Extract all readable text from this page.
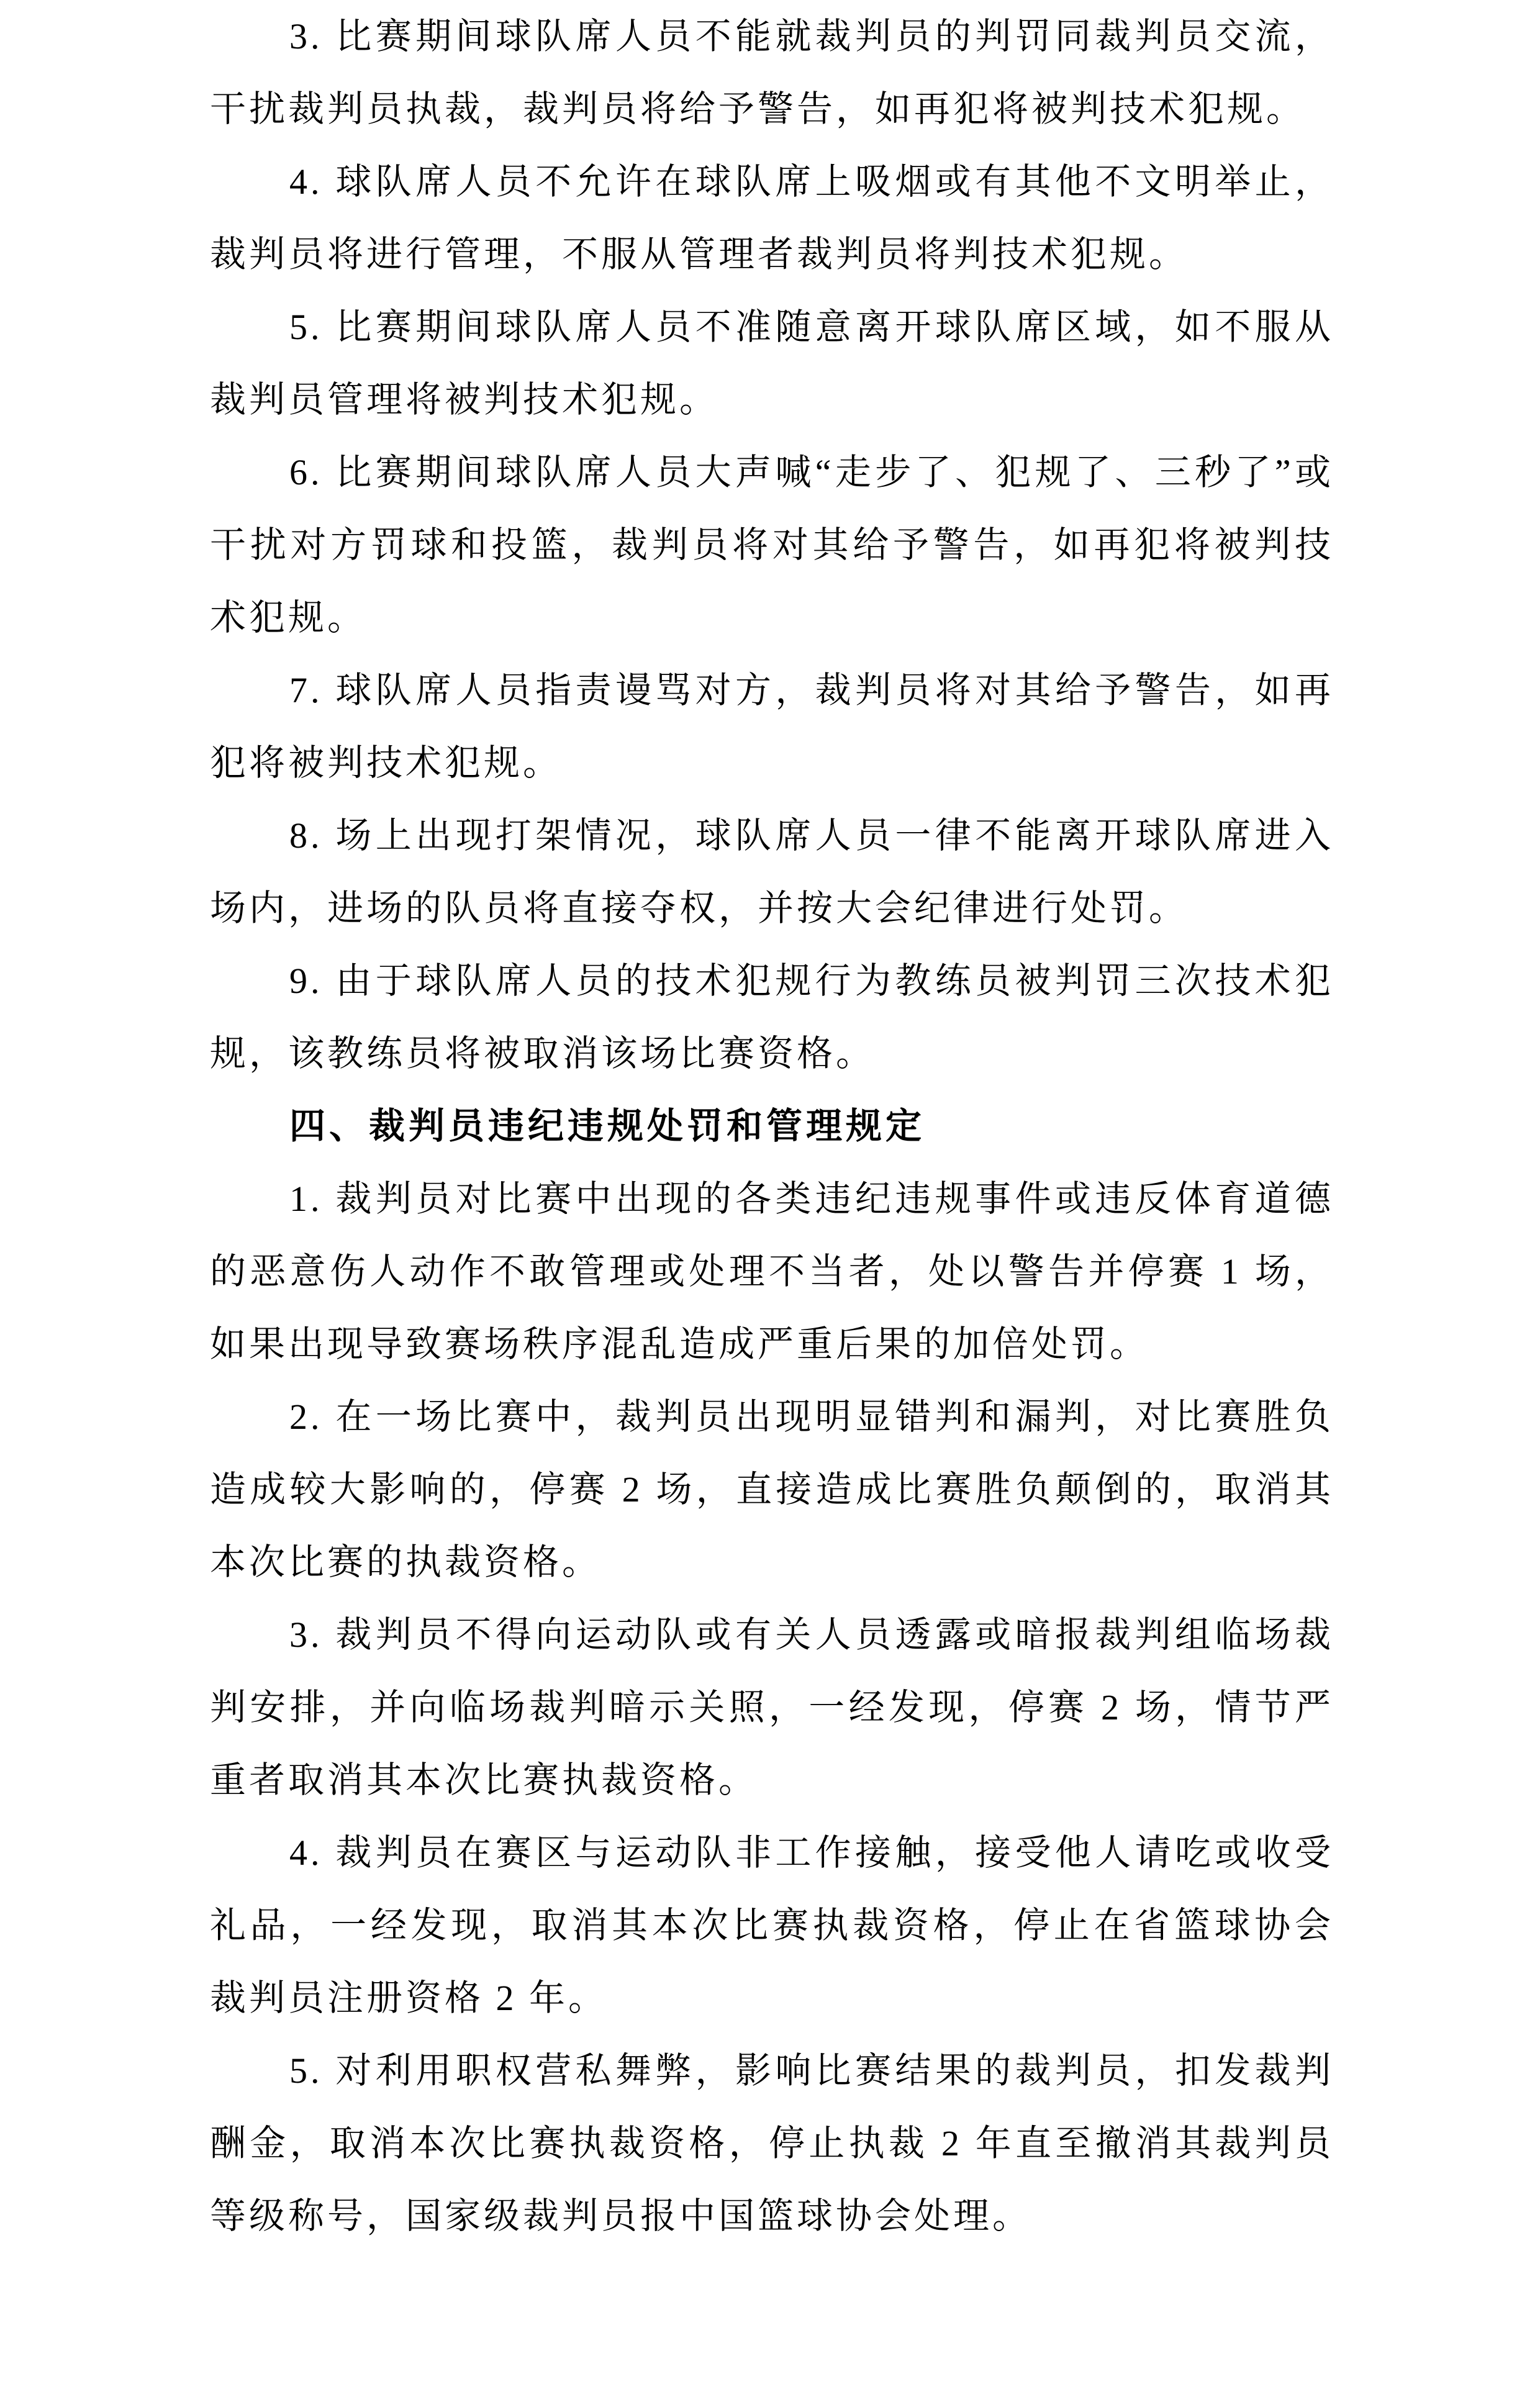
3. 比赛期间球队席人员不能就裁判员的判罚同裁判员交流，干扰裁判员执裁，裁判员将给予警告，如再犯将被判技术犯规。

4. 球队席人员不允许在球队席上吸烟或有其他不文明举止，裁判员将进行管理，不服从管理者裁判员将判技术犯规。

5. 比赛期间球队席人员不准随意离开球队席区域，如不服从裁判员管理将被判技术犯规。

6. 比赛期间球队席人员大声喊“走步了、犯规了、三秒了”或干扰对方罚球和投篮，裁判员将对其给予警告，如再犯将被判技术犯规。

7. 球队席人员指责谩骂对方，裁判员将对其给予警告，如再犯将被判技术犯规。

8. 场上出现打架情况，球队席人员一律不能离开球队席进入场内，进场的队员将直接夺权，并按大会纪律进行处罚。

9. 由于球队席人员的技术犯规行为教练员被判罚三次技术犯规，该教练员将被取消该场比赛资格。

四、裁判员违纪违规处罚和管理规定

1. 裁判员对比赛中出现的各类违纪违规事件或违反体育道德的恶意伤人动作不敢管理或处理不当者，处以警告并停赛 1 场，如果出现导致赛场秩序混乱造成严重后果的加倍处罚。

2. 在一场比赛中，裁判员出现明显错判和漏判，对比赛胜负造成较大影响的，停赛 2 场，直接造成比赛胜负颠倒的，取消其本次比赛的执裁资格。

3. 裁判员不得向运动队或有关人员透露或暗报裁判组临场裁判安排，并向临场裁判暗示关照，一经发现，停赛 2 场，情节严重者取消其本次比赛执裁资格。

4. 裁判员在赛区与运动队非工作接触，接受他人请吃或收受礼品，一经发现，取消其本次比赛执裁资格，停止在省篮球协会裁判员注册资格 2 年。

5. 对利用职权营私舞弊，影响比赛结果的裁判员，扣发裁判酬金，取消本次比赛执裁资格，停止执裁 2 年直至撤消其裁判员等级称号，国家级裁判员报中国篮球协会处理。
